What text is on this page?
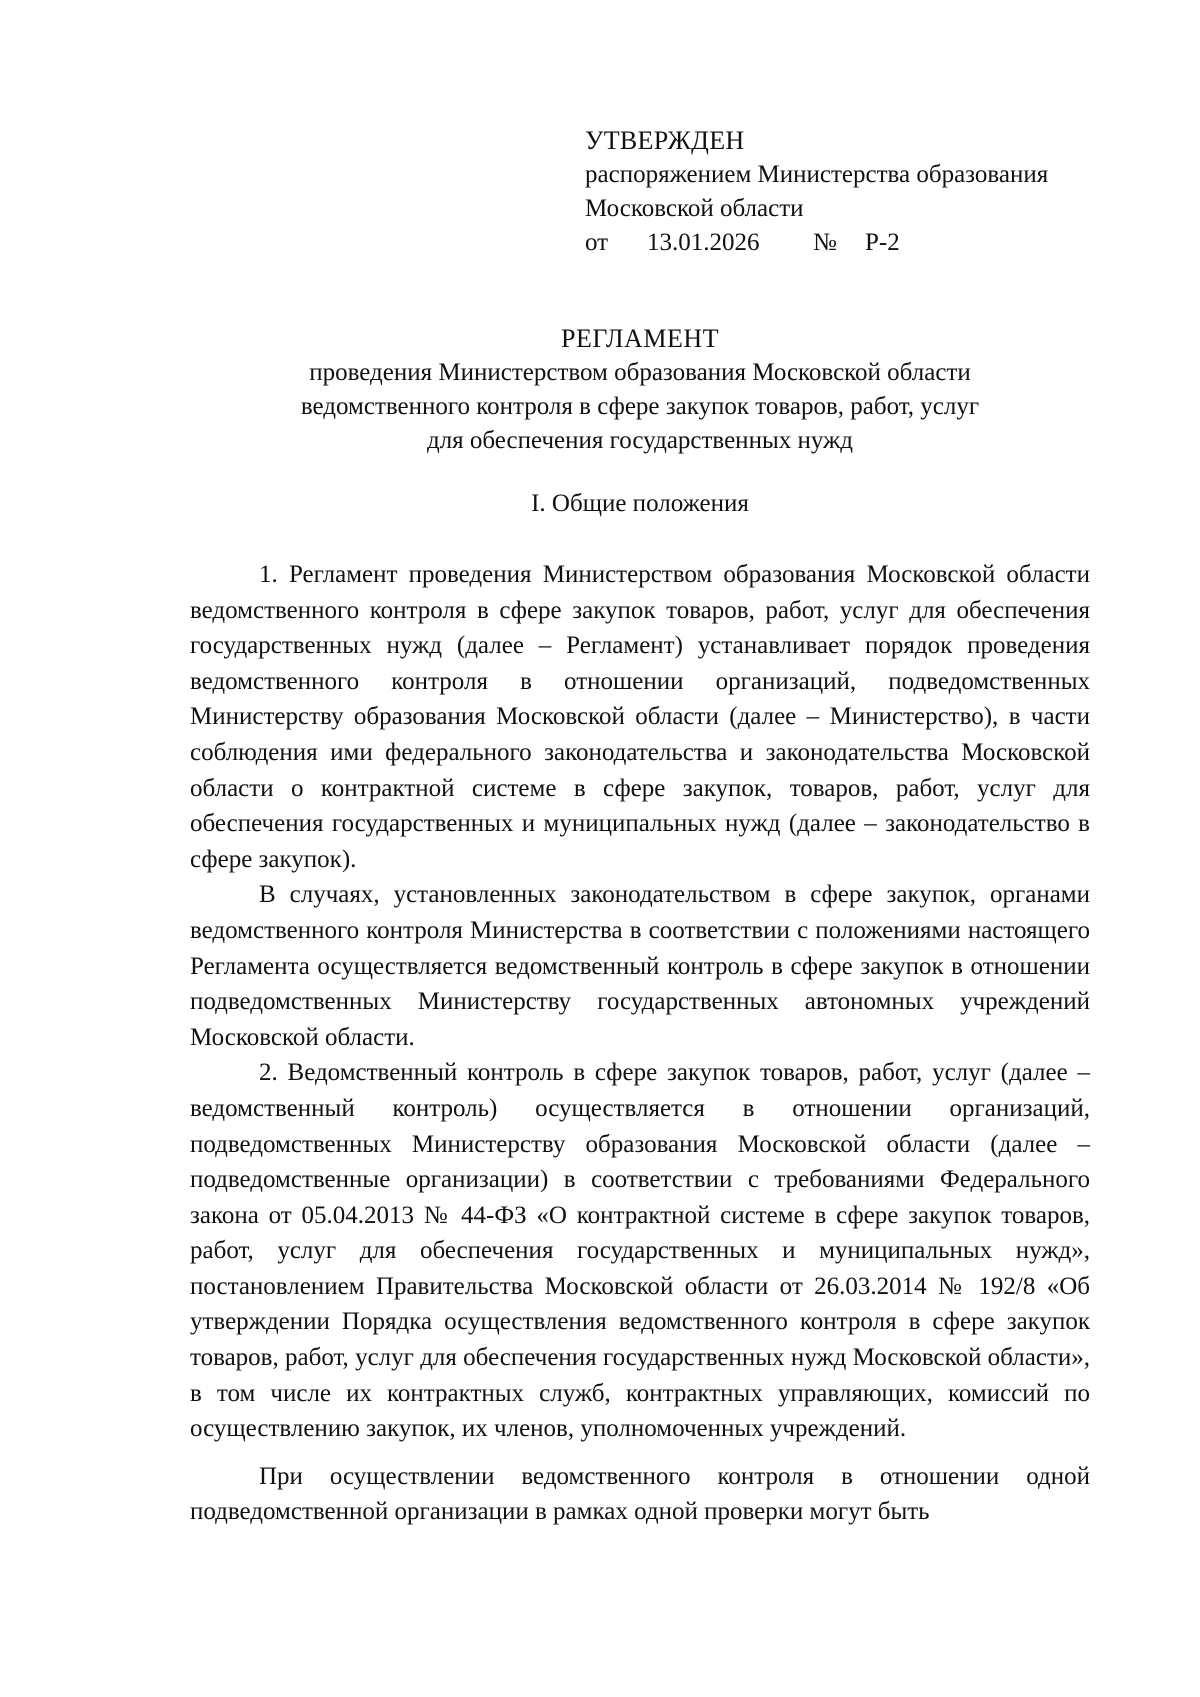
УТВЕРЖДЕН
распоряжением Министерства образования
Московской области
от 13.01.2026 № Р-2
РЕГЛАМЕНТ
проведения Министерством образования Московской области
ведомственного контроля в сфере закупок товаров, работ, услуг
для обеспечения государственных нужд
I. Общие положения

1. Регламент проведения Министерством образования Московской области ведомственного контроля в сфере закупок товаров, работ, услуг для обеспечения государственных нужд (далее – Регламент) устанавливает порядок проведения ведомственного контроля в отношении организаций, подведомственных Министерству образования Московской области (далее – Министерство), в части соблюдения ими федерального законодательства и законодательства Московской области о контрактной системе в сфере закупок, товаров, работ, услуг для обеспечения государственных и муниципальных нужд (далее – законодательство в сфере закупок).

В случаях, установленных законодательством в сфере закупок, органами ведомственного контроля Министерства в соответствии с положениями настоящего Регламента осуществляется ведомственный контроль в сфере закупок в отношении подведомственных Министерству государственных автономных учреждений Московской области.

2. Ведомственный контроль в сфере закупок товаров, работ, услуг (далее – ведомственный контроль) осуществляется в отношении организаций, подведомственных Министерству образования Московской области (далее – подведомственные организации) в соответствии с требованиями Федерального закона от 05.04.2013 № 44-ФЗ «О контрактной системе в сфере закупок товаров, работ, услуг для обеспечения государственных и муниципальных нужд», постановлением Правительства Московской области от 26.03.2014 № 192/8 «Об утверждении Порядка осуществления ведомственного контроля в сфере закупок товаров, работ, услуг для обеспечения государственных нужд Московской области», в том числе их контрактных служб, контрактных управляющих, комиссий по осуществлению закупок, их членов, уполномоченных учреждений.

При осуществлении ведомственного контроля в отношении одной подведомственной организации в рамках одной проверки могут быть
